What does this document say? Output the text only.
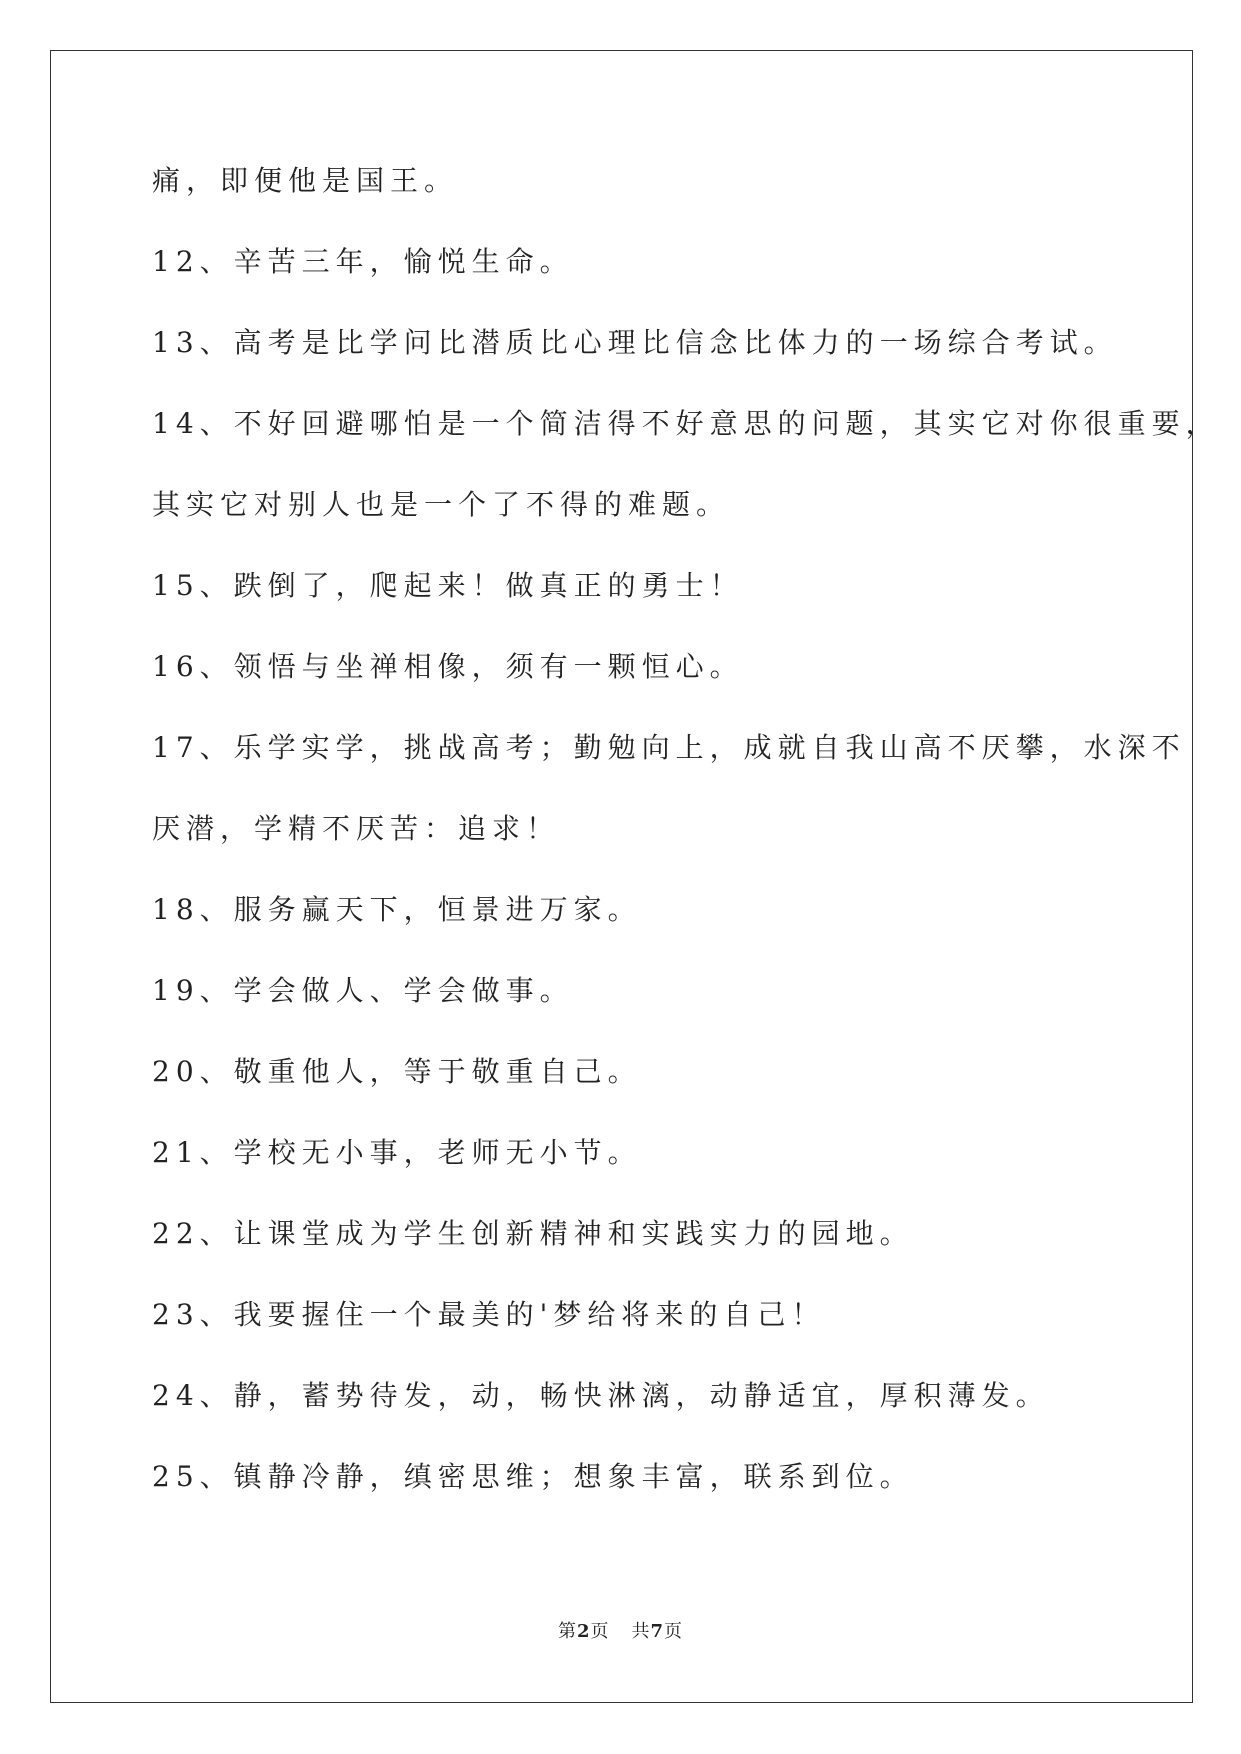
痛，即便他是国王。
12、辛苦三年，愉悦生命。
13、高考是比学问比潜质比心理比信念比体力的一场综合考试。
14、不好回避哪怕是一个简洁得不好意思的问题，其实它对你很重要，
其实它对别人也是一个了不得的难题。
15、跌倒了，爬起来！做真正的勇士！
16、领悟与坐禅相像，须有一颗恒心。
17、乐学实学，挑战高考；勤勉向上，成就自我山高不厌攀，水深不
厌潜，学精不厌苦：追求！
18、服务赢天下，恒景进万家。
19、学会做人、学会做事。
20、敬重他人，等于敬重自己。
21、学校无小事，老师无小节。
22、让课堂成为学生创新精神和实践实力的园地。
23、我要握住一个最美的'梦给将来的自己！
24、静，蓄势待发，动，畅快淋漓，动静适宜，厚积薄发。
25、镇静冷静，缜密思维；想象丰富，联系到位。
第2页 共7页
